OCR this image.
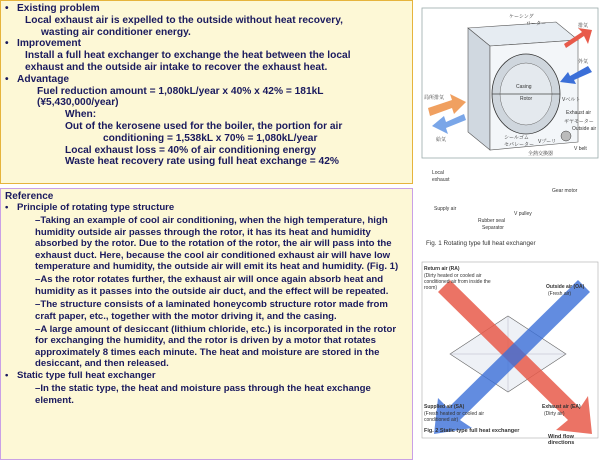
• Existing problem
Local exhaust air is expelled to the outside without heat recovery,
wasting air conditioner energy.
• Improvement
Install a full heat exchanger to exchange the heat between the local
exhaust and the outside air intake to recover the exhaust heat.
• Advantage
Fuel reduction amount = 1,080kL/year x 40% x 42% = 181kL
(¥5,430,000/year)
When:
Out of the kerosene used for the boiler, the portion for air
conditioning = 1,538kL x 70% = 1,080kL/year
Local exhaust loss = 40% of air conditioning energy
Waste heat recovery rate using full heat exchange = 42%
Reference
• Principle of rotating type structure
–Taking an example of cool air conditioning, when the high temperature, high humidity outside air passes through the rotor, it has its heat and humidity absorbed by the rotor. Due to the rotation of the rotor, the air will pass into the exhaust duct. Here, because the cool air conditioned exhaust air will have low temperature and humidity, the outside air will emit its heat and humidity. (Fig. 1)
–As the rotor rotates further, the exhaust air will once again absorb heat and humidity as it passes into the outside air duct, and the effect will be repeated.
–The structure consists of a laminated honeycomb structure rotor made from craft paper, etc., together with the motor driving it, and the casing.
–A large amount of desiccant (lithium chloride, etc.) is incorporated in the rotor for exchanging the humidity, and the rotor is driven by a motor that rotates approximately 8 times each minute. The heat and moisture are stored in the desiccant, and then released.
• Static type full heat exchanger
–In the static type, the heat and moisture pass through the heat exchange element.
ケーシング
ローター	排気
外気
局所排気
給気
Casing
Rotor	Vベルト
Exhaust air
ギヤモーター
Outside air
シールゴム
セパレーター Vプーリ
V belt
全熱交換器
Local
exhaust
Gear motor
Supply air
V pulley
Rubber seal
Separator
Fig. 1 Rotating type full heat exchanger
Return air (RA)
(Dirty heated or cooled air conditioned air from inside the room)	Outside air (OA)
(Fresh air)
Supplied air (SA)
(Fresh heated or cooled air conditioned air)
Exhaust air (EA)
(Dirty air)
Fig. 2 Static type full heat exchanger
Wind flow directions
